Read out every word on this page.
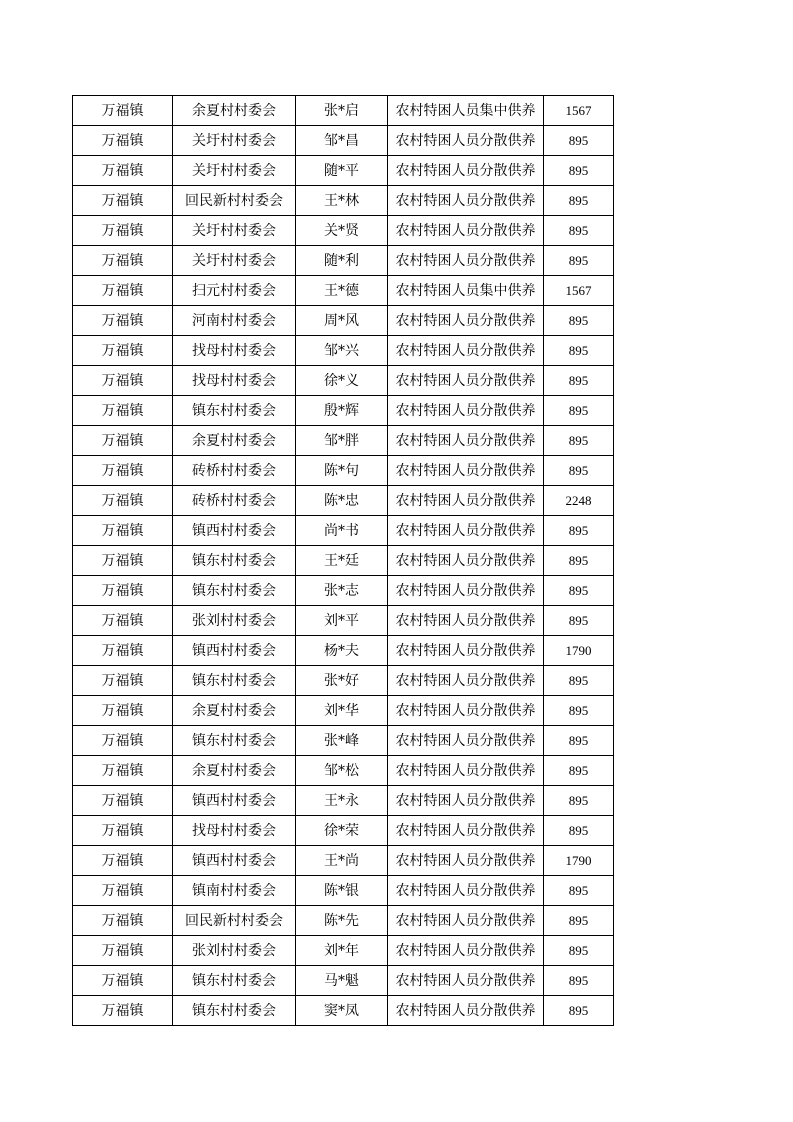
万福镇	余夏村村委会	张*启	农村特困人员集中供养	1567
万福镇	关圩村村委会	邹*昌	农村特困人员分散供养	895
万福镇	关圩村村委会	随*平	农村特困人员分散供养	895
万福镇	回民新村村委会	王*林	农村特困人员分散供养	895
万福镇	关圩村村委会	关*贤	农村特困人员分散供养	895
万福镇	关圩村村委会	随*利	农村特困人员分散供养	895
万福镇	扫元村村委会	王*德	农村特困人员集中供养	1567
万福镇	河南村村委会	周*风	农村特困人员分散供养	895
万福镇	找母村村委会	邹*兴	农村特困人员分散供养	895
万福镇	找母村村委会	徐*义	农村特困人员分散供养	895
万福镇	镇东村村委会	殷*辉	农村特困人员分散供养	895
万福镇	余夏村村委会	邹*胖	农村特困人员分散供养	895
万福镇	砖桥村村委会	陈*句	农村特困人员分散供养	895
万福镇	砖桥村村委会	陈*忠	农村特困人员分散供养	2248
万福镇	镇西村村委会	尚*书	农村特困人员分散供养	895
万福镇	镇东村村委会	王*廷	农村特困人员分散供养	895
万福镇	镇东村村委会	张*志	农村特困人员分散供养	895
万福镇	张刘村村委会	刘*平	农村特困人员分散供养	895
万福镇	镇西村村委会	杨*夫	农村特困人员分散供养	1790
万福镇	镇东村村委会	张*好	农村特困人员分散供养	895
万福镇	余夏村村委会	刘*华	农村特困人员分散供养	895
万福镇	镇东村村委会	张*峰	农村特困人员分散供养	895
万福镇	余夏村村委会	邹*松	农村特困人员分散供养	895
万福镇	镇西村村委会	王*永	农村特困人员分散供养	895
万福镇	找母村村委会	徐*荣	农村特困人员分散供养	895
万福镇	镇西村村委会	王*尚	农村特困人员分散供养	1790
万福镇	镇南村村委会	陈*银	农村特困人员分散供养	895
万福镇	回民新村村委会	陈*先	农村特困人员分散供养	895
万福镇	张刘村村委会	刘*年	农村特困人员分散供养	895
万福镇	镇东村村委会	马*魁	农村特困人员分散供养	895
万福镇	镇东村村委会	窦*凤	农村特困人员分散供养	895
